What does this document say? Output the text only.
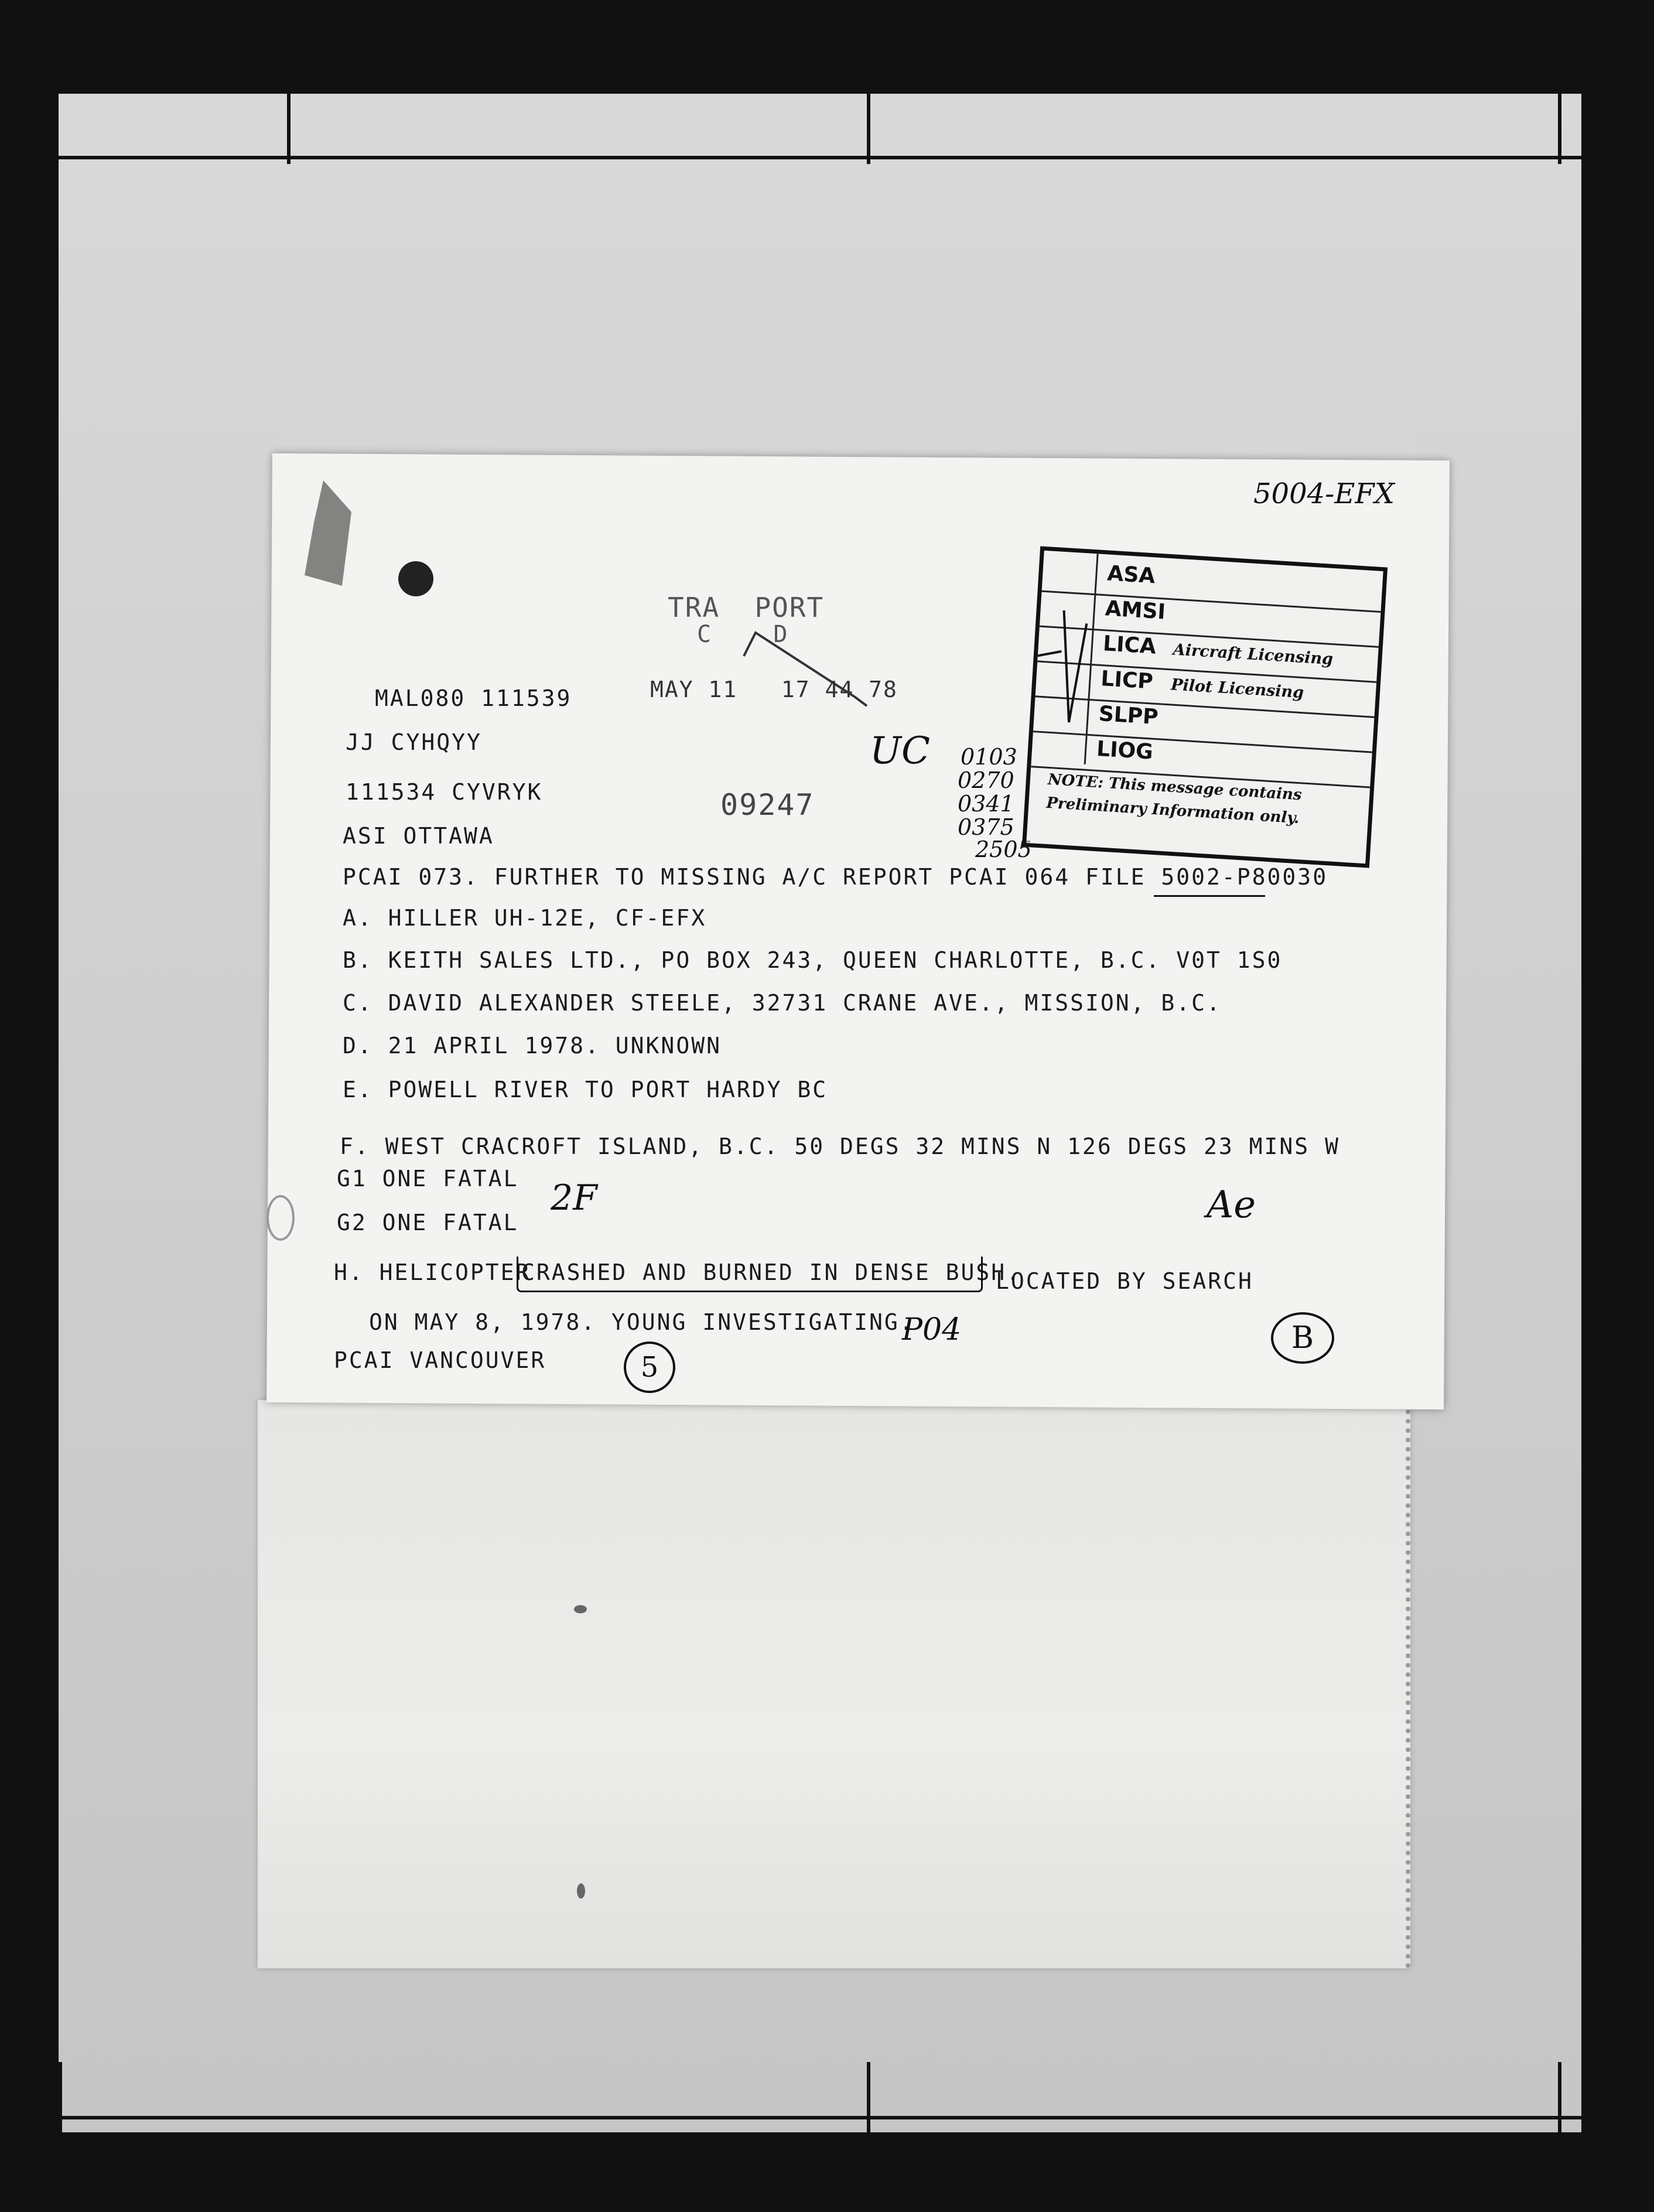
5004-EFX
TRA  PORT
C    D
MAY 11   17 44 78
MAL080 111539
JJ CYHQYY
111534 CYVRYK
ASI OTTAWA
PCAI 073. FURTHER TO MISSING A/C REPORT PCAI 064 FILE 5002-P80030
A. HILLER UH-12E, CF-EFX
B. KEITH SALES LTD., PO BOX 243, QUEEN CHARLOTTE, B.C. V0T 1S0
C. DAVID ALEXANDER STEELE, 32731 CRANE AVE., MISSION, B.C.
D. 21 APRIL 1978. UNKNOWN
E. POWELL RIVER TO PORT HARDY BC
F. WEST CRACROFT ISLAND, B.C. 50 DEGS 32 MINS N 126 DEGS 23 MINS W
G1 ONE FATAL
G2 ONE FATAL
H. HELICOPTER
CRASHED AND BURNED IN DENSE BUSH.
LOCATED BY SEARCH
ON MAY 8, 1978. YOUNG INVESTIGATING.
PCAI VANCOUVER
09247
UC 0103
0270
0341
0375
2505
2F
P04
Ae
5
B
ASA
AMSI
LICA Aircraft Licensing
LICP Pilot Licensing
SLPP
LIOG
NOTE: This message contains
Preliminary Information only.
